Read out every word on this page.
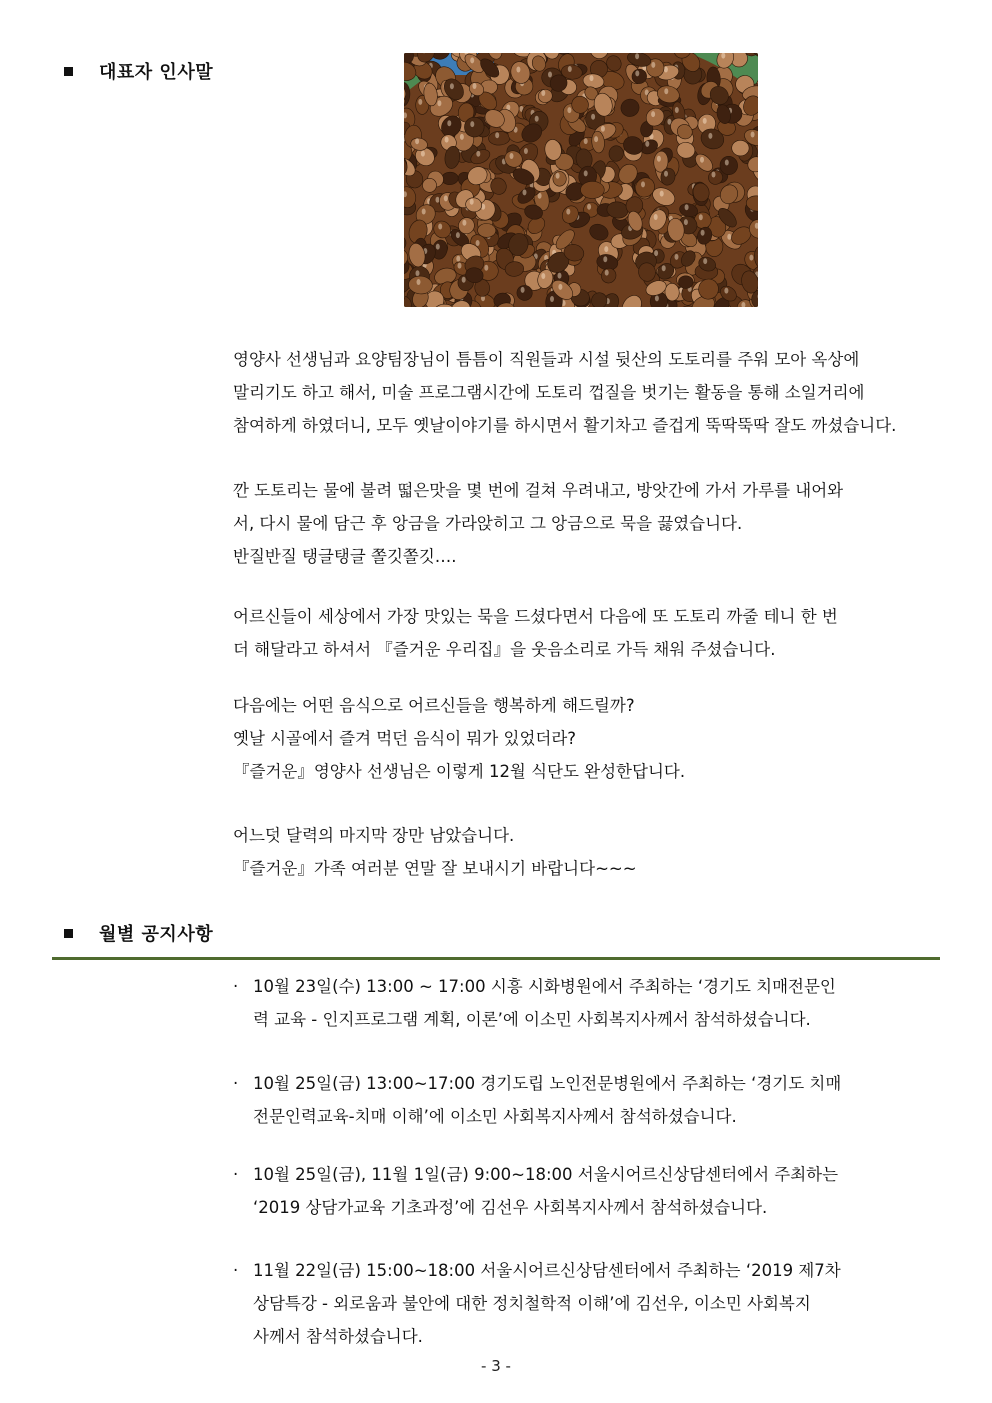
대표자 인사말
영양사 선생님과 요양팀장님이 틈틈이 직원들과 시설 뒷산의 도토리를 주워 모아 옥상에
말리기도 하고 해서, 미술 프로그램시간에 도토리 껍질을 벗기는 활동을 통해 소일거리에
참여하게 하였더니, 모두 옛날이야기를 하시면서 활기차고 즐겁게 뚝딱뚝딱 잘도 까셨습니다.
깐 도토리는 물에 불려 떫은맛을 몇 번에 걸쳐 우려내고, 방앗간에 가서 가루를 내어와
서, 다시 물에 담근 후 앙금을 가라앉히고 그 앙금으로 묵을 끓였습니다.
반질반질 탱글탱글 쫄깃쫄깃….
어르신들이 세상에서 가장 맛있는 묵을 드셨다면서 다음에 또 도토리 까줄 테니 한 번
더 해달라고 하셔서 『즐거운 우리집』을 웃음소리로 가득 채워 주셨습니다.
다음에는 어떤 음식으로 어르신들을 행복하게 해드릴까?
옛날 시골에서 즐겨 먹던 음식이 뭐가 있었더라?
『즐거운』영양사 선생님은 이렇게 12월 식단도 완성한답니다.
어느덧 달력의 마지막 장만 남았습니다.
『즐거운』가족 여러분 연말 잘 보내시기 바랍니다~~~
월별 공지사항
· 10월 23일(수) 13:00 ~ 17:00 시흥 시화병원에서 주최하는 ‘경기도 치매전문인
력 교육 - 인지프로그램 계획, 이론’에 이소민 사회복지사께서 참석하셨습니다.
· 10월 25일(금) 13:00~17:00 경기도립 노인전문병원에서 주최하는 ‘경기도 치매
전문인력교육-치매 이해’에 이소민 사회복지사께서 참석하셨습니다.
· 10월 25일(금), 11월 1일(금) 9:00~18:00 서울시어르신상담센터에서 주최하는
‘2019 상담가교육 기초과정’에 김선우 사회복지사께서 참석하셨습니다.
· 11월 22일(금) 15:00~18:00 서울시어르신상담센터에서 주최하는 ‘2019 제7차
상담특강 - 외로움과 불안에 대한 정치철학적 이해’에 김선우, 이소민 사회복지
사께서 참석하셨습니다.
- 3 -
